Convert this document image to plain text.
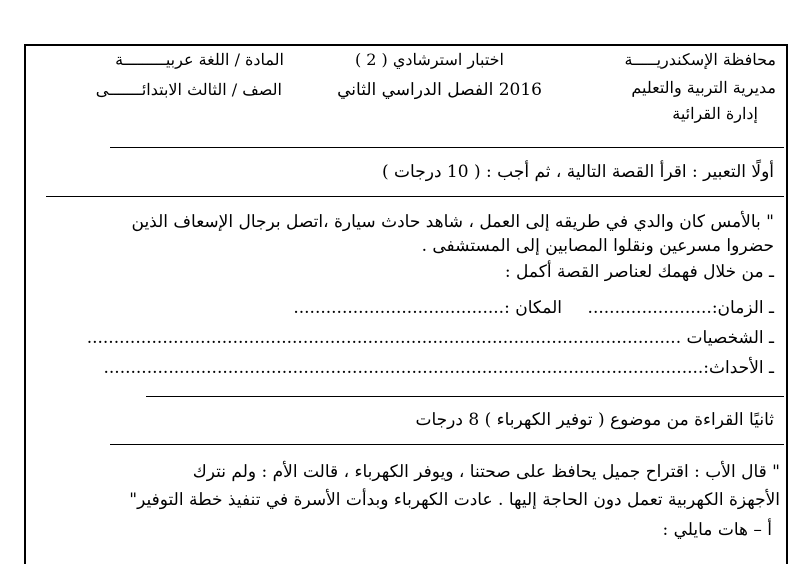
محافظة الإسكندريـــــة
مديرية التربية والتعليم
إدارة القرائية
اختبار استرشادي ( 2 )
2016 الفصل الدراسي الثاني
المادة / اللغة عربيـــــــــة
الصف / الثالث الابتدائـــــــى
أولًا التعبير : اقرأ القصة التالية ، ثم أجب : ( 10 درجات )
" بالأمس كان والدي في طريقه إلى العمل ، شاهد حادث سيارة ،اتصل برجال الإسعاف الذين
حضروا مسرعين ونقلوا المصابين إلى المستشفى .
ـ من خلال فهمك لعناصر القصة أكمل :
ـ الزمان:.......................
المكان :.......................................
ـ الشخصيات ..............................................................................................................
ـ الأحداث:...............................................................................................................
ثانيًا القراءة من موضوع ( توفير الكهرباء ) 8 درجات
" قال الأب : اقتراح جميل يحافظ على صحتنا ، ويوفر الكهرباء ، قالت الأم : ولم نترك
الأجهزة الكهربية تعمل دون الحاجة إليها . عادت الكهرباء وبدأت الأسرة في تنفيذ خطة التوفير"
أ – هات مايلي :
